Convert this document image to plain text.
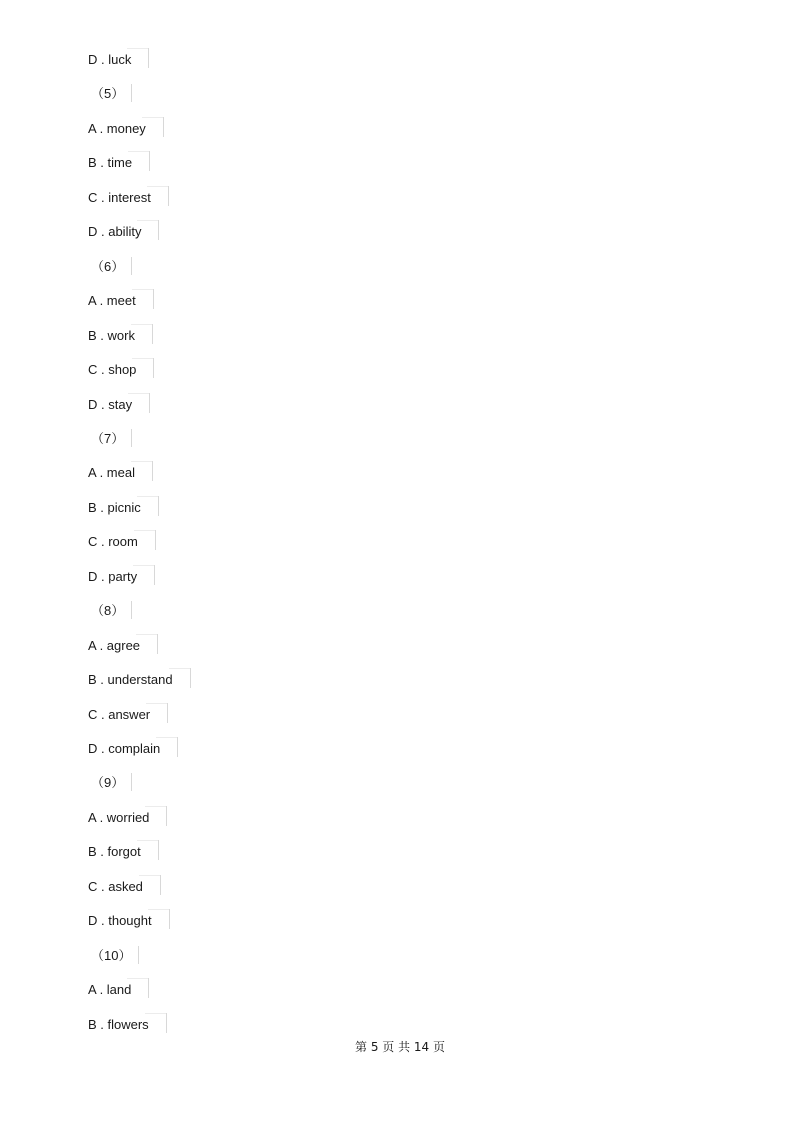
D . luck
（5）
A . money
B . time
C . interest
D . ability
（6）
A . meet
B . work
C . shop
D . stay
（7）
A . meal
B . picnic
C . room
D . party
（8）
A . agree
B . understand
C . answer
D . complain
（9）
A . worried
B . forgot
C . asked
D . thought
（10）
A . land
B . flowers
第 5 页 共 14 页
